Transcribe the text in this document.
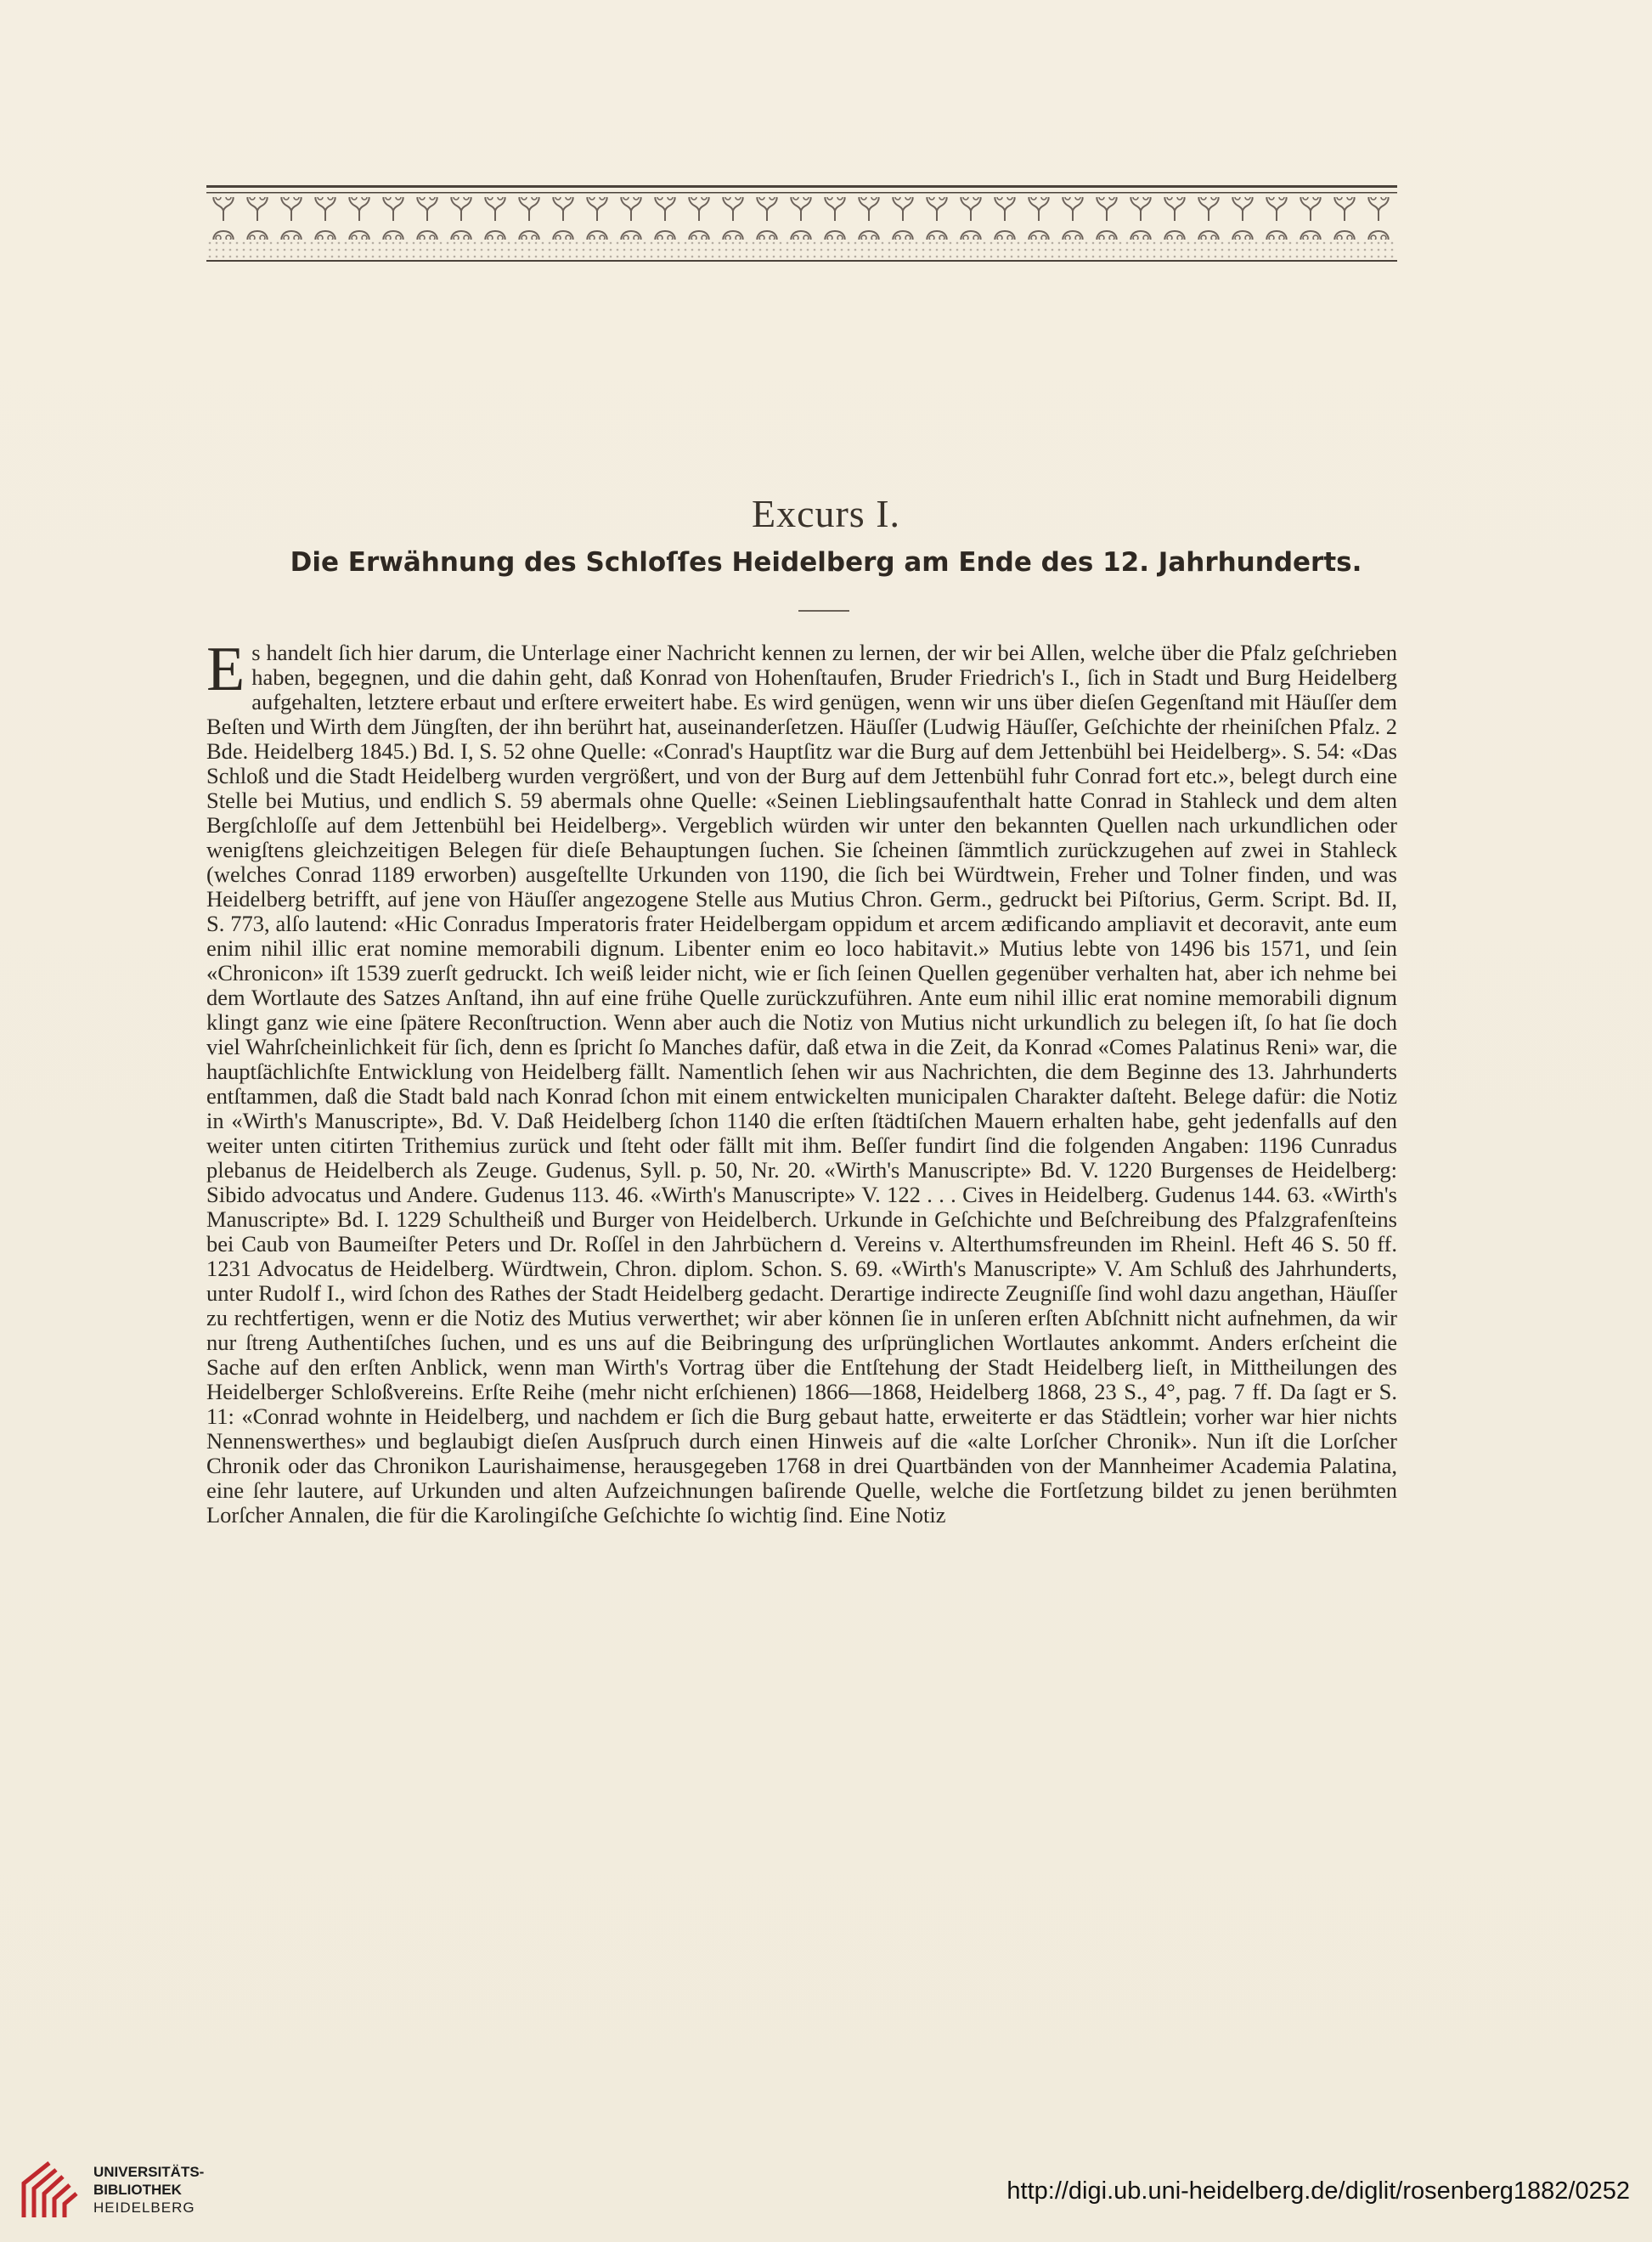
Excurs I.
Die Erwähnung des Schloſſes Heidelberg am Ende des 12. Jahrhunderts.

Es handelt ſich hier darum, die Unterlage einer Nachricht kennen zu lernen, der wir bei Allen, welche über die Pfalz geſchrieben haben, begegnen, und die dahin geht, daß Konrad von Hohenſtaufen, Bruder Friedrich's I., ſich in Stadt und Burg Heidelberg aufgehalten, letztere erbaut und erſtere erweitert habe. Es wird genügen, wenn wir uns über dieſen Gegenſtand mit Häuſſer dem Beſten und Wirth dem Jüngſten, der ihn berührt hat, auseinanderſetzen. Häuſſer (Ludwig Häuſſer, Geſchichte der rheiniſchen Pfalz. 2 Bde. Heidelberg 1845.) Bd. I, S. 52 ohne Quelle: «Conrad's Hauptſitz war die Burg auf dem Jettenbühl bei Heidelberg». S. 54: «Das Schloß und die Stadt Heidelberg wurden vergrößert, und von der Burg auf dem Jettenbühl fuhr Conrad fort etc.», belegt durch eine Stelle bei Mutius, und endlich S. 59 abermals ohne Quelle: «Seinen Lieblingsaufenthalt hatte Conrad in Stahleck und dem alten Bergſchloſſe auf dem Jettenbühl bei Heidelberg». Vergeblich würden wir unter den bekannten Quellen nach urkundlichen oder wenigſtens gleichzeitigen Belegen für dieſe Behauptungen ſuchen. Sie ſcheinen ſämmtlich zurückzugehen auf zwei in Stahleck (welches Conrad 1189 erworben) ausgeſtellte Urkunden von 1190, die ſich bei Würdtwein, Freher und Tolner finden, und was Heidelberg betrifft, auf jene von Häuſſer angezogene Stelle aus Mutius Chron. Germ., gedruckt bei Piſtorius, Germ. Script. Bd. II, S. 773, alſo lautend: «Hic Conradus Imperatoris frater Heidelbergam oppidum et arcem ædificando ampliavit et decoravit, ante eum enim nihil illic erat nomine memorabili dignum. Libenter enim eo loco habitavit.» Mutius lebte von 1496 bis 1571, und ſein «Chronicon» iſt 1539 zuerſt gedruckt. Ich weiß leider nicht, wie er ſich ſeinen Quellen gegenüber verhalten hat, aber ich nehme bei dem Wortlaute des Satzes Anſtand, ihn auf eine frühe Quelle zurückzuführen. Ante eum nihil illic erat nomine memorabili dignum klingt ganz wie eine ſpätere Reconſtruction. Wenn aber auch die Notiz von Mutius nicht urkundlich zu belegen iſt, ſo hat ſie doch viel Wahrſcheinlichkeit für ſich, denn es ſpricht ſo Manches dafür, daß etwa in die Zeit, da Konrad «Comes Palatinus Reni» war, die hauptſächlichſte Entwicklung von Heidelberg fällt. Namentlich ſehen wir aus Nachrichten, die dem Beginne des 13. Jahrhunderts entſtammen, daß die Stadt bald nach Konrad ſchon mit einem entwickelten municipalen Charakter daſteht. Belege dafür: die Notiz in «Wirth's Manuscripte», Bd. V. Daß Heidelberg ſchon 1140 die erſten ſtädtiſchen Mauern erhalten habe, geht jedenfalls auf den weiter unten citirten Trithemius zurück und ſteht oder fällt mit ihm. Beſſer fundirt ſind die folgenden Angaben: 1196 Cunradus plebanus de Heidelberch als Zeuge. Gudenus, Syll. p. 50, Nr. 20. «Wirth's Manuscripte» Bd. V. 1220 Burgenses de Heidelberg: Sibido advocatus und Andere. Gudenus 113. 46. «Wirth's Manuscripte» V. 122 . . . Cives in Heidelberg. Gudenus 144. 63. «Wirth's Manuscripte» Bd. I. 1229 Schultheiß und Burger von Heidelberch. Urkunde in Geſchichte und Beſchreibung des Pfalzgrafenſteins bei Caub von Baumeiſter Peters und Dr. Roſſel in den Jahrbüchern d. Vereins v. Alterthumsfreunden im Rheinl. Heft 46 S. 50 ff. 1231 Advocatus de Heidelberg. Würdtwein, Chron. diplom. Schon. S. 69. «Wirth's Manuscripte» V. Am Schluß des Jahrhunderts, unter Rudolf I., wird ſchon des Rathes der Stadt Heidelberg gedacht. Derartige indirecte Zeugniſſe ſind wohl dazu angethan, Häuſſer zu rechtfertigen, wenn er die Notiz des Mutius verwerthet; wir aber können ſie in unſeren erſten Abſchnitt nicht aufnehmen, da wir nur ſtreng Authentiſches ſuchen, und es uns auf die Beibringung des urſprünglichen Wortlautes ankommt. Anders erſcheint die Sache auf den erſten Anblick, wenn man Wirth's Vortrag über die Entſtehung der Stadt Heidelberg lieſt, in Mittheilungen des Heidelberger Schloßvereins. Erſte Reihe (mehr nicht erſchienen) 1866—1868, Heidelberg 1868, 23 S., 4°, pag. 7 ff. Da ſagt er S. 11: «Conrad wohnte in Heidelberg, und nachdem er ſich die Burg gebaut hatte, erweiterte er das Städtlein; vorher war hier nichts Nennenswerthes» und beglaubigt dieſen Ausſpruch durch einen Hinweis auf die «alte Lorſcher Chronik». Nun iſt die Lorſcher Chronik oder das Chronikon Laurishaimense, herausgegeben 1768 in drei Quartbänden von der Mannheimer Academia Palatina, eine ſehr lautere, auf Urkunden und alten Aufzeichnungen baſirende Quelle, welche die Fortſetzung bildet zu jenen berühmten Lorſcher Annalen, die für die Karolingiſche Geſchichte ſo wichtig ſind. Eine Notiz

UNIVERSITÄTS-
BIBLIOTHEK
HEIDELBERG
http://digi.ub.uni-heidelberg.de/diglit/rosenberg1882/0252
